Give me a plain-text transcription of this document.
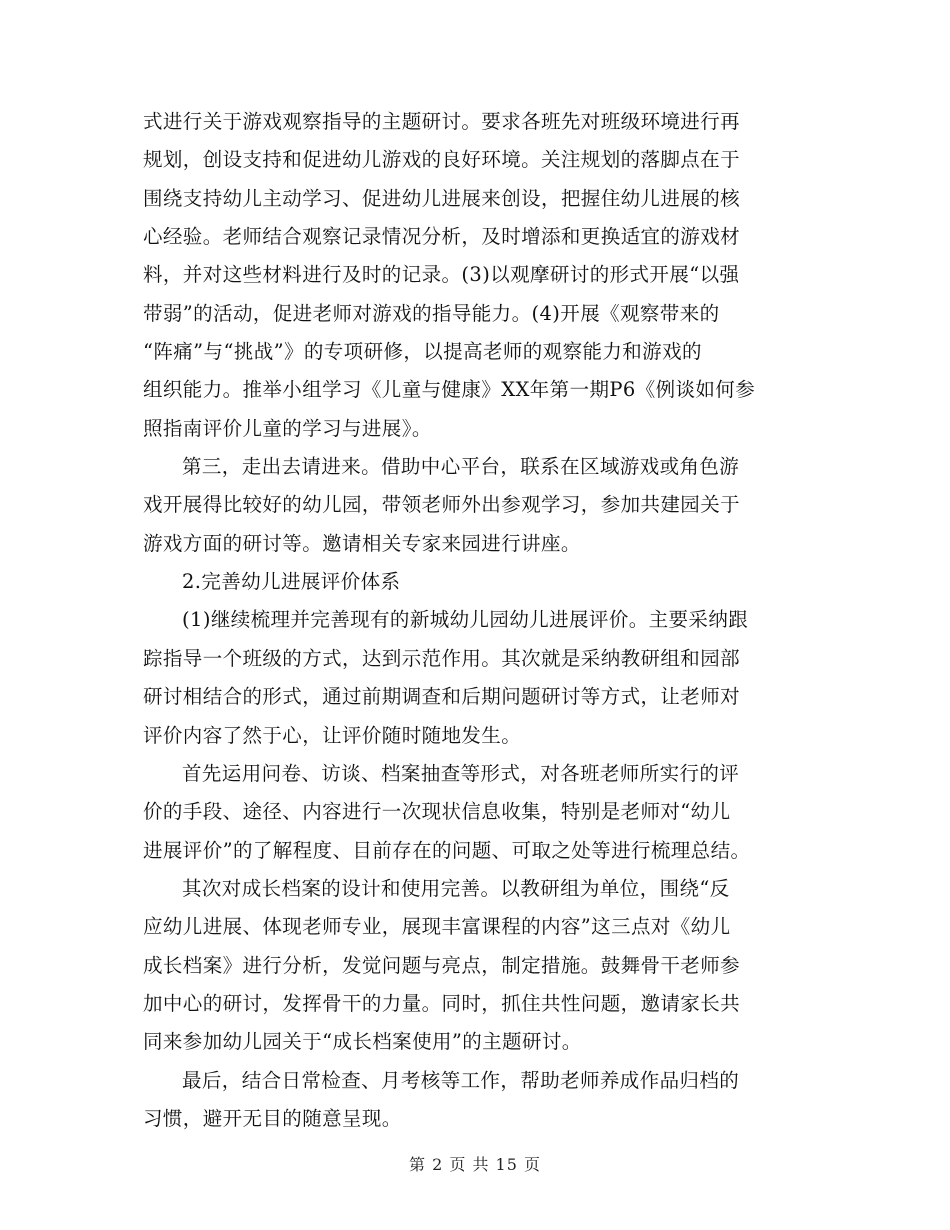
式进行关于游戏观察指导的主题研讨。要求各班先对班级环境进行再
规划，创设支持和促进幼儿游戏的良好环境。关注规划的落脚点在于
围绕支持幼儿主动学习、促进幼儿进展来创设，把握住幼儿进展的核
心经验。老师结合观察记录情况分析，及时增添和更换适宜的游戏材
料，并对这些材料进行及时的记录。(3)以观摩研讨的形式开展“以强
带弱”的活动，促进老师对游戏的指导能力。(4)开展《观察带来的
“阵痛”与“挑战”》的专项研修，以提高老师的观察能力和游戏的
组织能力。推举小组学习《儿童与健康》XX年第一期P6《例谈如何参
照指南评价儿童的学习与进展》。
第三，走出去请进来。借助中心平台，联系在区域游戏或角色游
戏开展得比较好的幼儿园，带领老师外出参观学习，参加共建园关于
游戏方面的研讨等。邀请相关专家来园进行讲座。
2.完善幼儿进展评价体系
(1)继续梳理并完善现有的新城幼儿园幼儿进展评价。主要采纳跟
踪指导一个班级的方式，达到示范作用。其次就是采纳教研组和园部
研讨相结合的形式，通过前期调查和后期问题研讨等方式，让老师对
评价内容了然于心，让评价随时随地发生。
首先运用问卷、访谈、档案抽查等形式，对各班老师所实行的评
价的手段、途径、内容进行一次现状信息收集，特别是老师对“幼儿
进展评价”的了解程度、目前存在的问题、可取之处等进行梳理总结。
其次对成长档案的设计和使用完善。以教研组为单位，围绕“反
应幼儿进展、体现老师专业，展现丰富课程的内容”这三点对《幼儿
成长档案》进行分析，发觉问题与亮点，制定措施。鼓舞骨干老师参
加中心的研讨，发挥骨干的力量。同时，抓住共性问题，邀请家长共
同来参加幼儿园关于“成长档案使用”的主题研讨。
最后，结合日常检查、月考核等工作，帮助老师养成作品归档的
习惯，避开无目的随意呈现。
第 2 页 共 15 页
